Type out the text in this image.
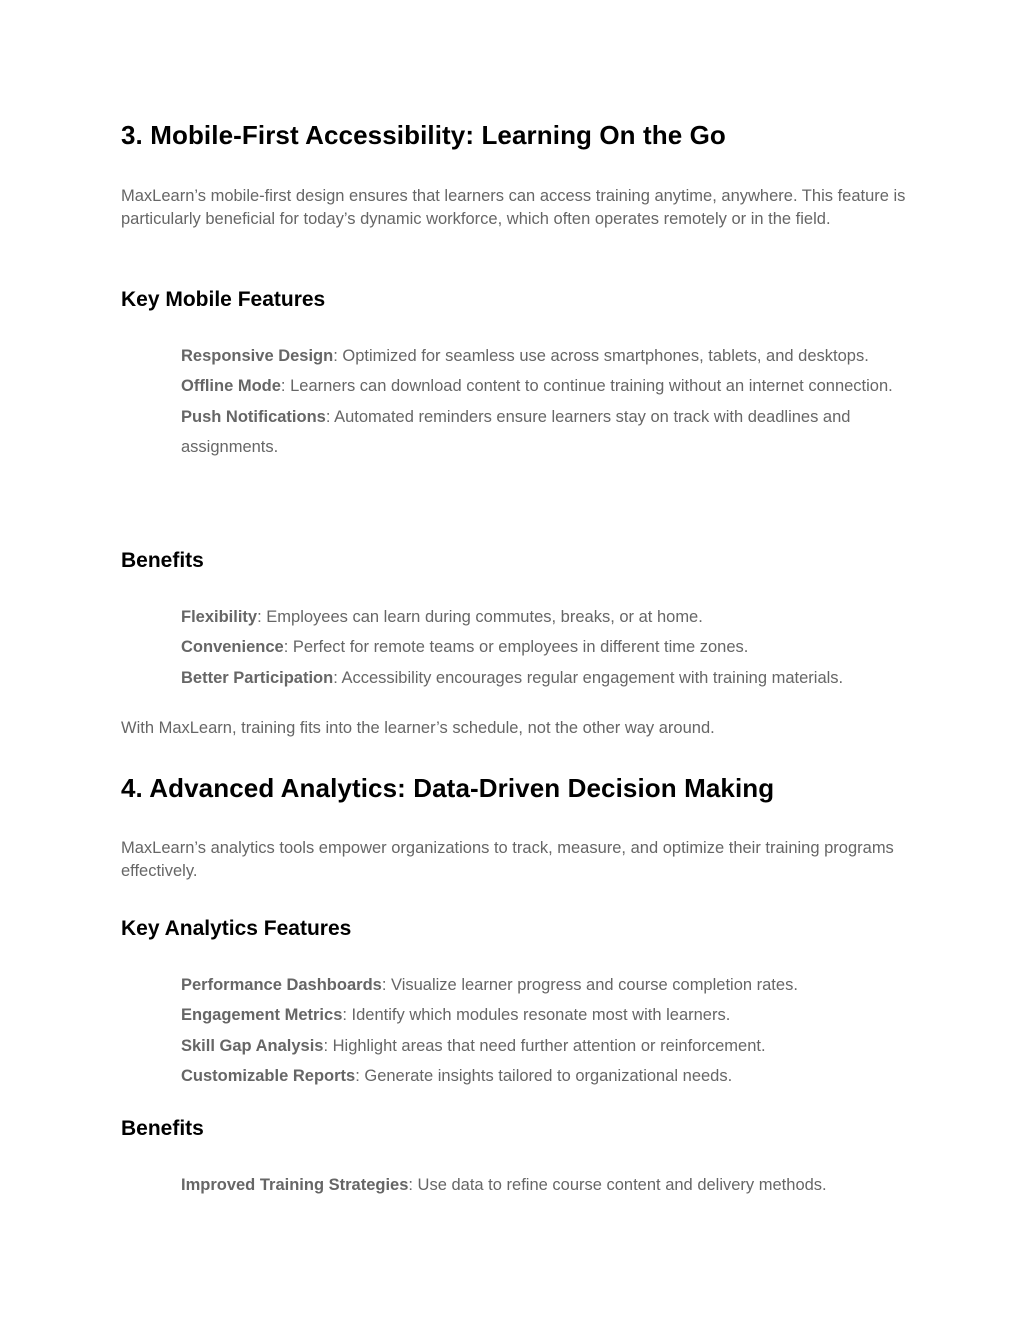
3. Mobile-First Accessibility: Learning On the Go

MaxLearn’s mobile-first design ensures that learners can access training anytime, anywhere. This feature is particularly beneficial for today’s dynamic workforce, which often operates remotely or in the field.

Key Mobile Features
Responsive Design: Optimized for seamless use across smartphones, tablets, and desktops.
Offline Mode: Learners can download content to continue training without an internet connection.
Push Notifications: Automated reminders ensure learners stay on track with deadlines and assignments.
Benefits
Flexibility: Employees can learn during commutes, breaks, or at home.
Convenience: Perfect for remote teams or employees in different time zones.
Better Participation: Accessibility encourages regular engagement with training materials.

With MaxLearn, training fits into the learner’s schedule, not the other way around.

4. Advanced Analytics: Data-Driven Decision Making

MaxLearn’s analytics tools empower organizations to track, measure, and optimize their training programs effectively.

Key Analytics Features
Performance Dashboards: Visualize learner progress and course completion rates.
Engagement Metrics: Identify which modules resonate most with learners.
Skill Gap Analysis: Highlight areas that need further attention or reinforcement.
Customizable Reports: Generate insights tailored to organizational needs.
Benefits
Improved Training Strategies: Use data to refine course content and delivery methods.
